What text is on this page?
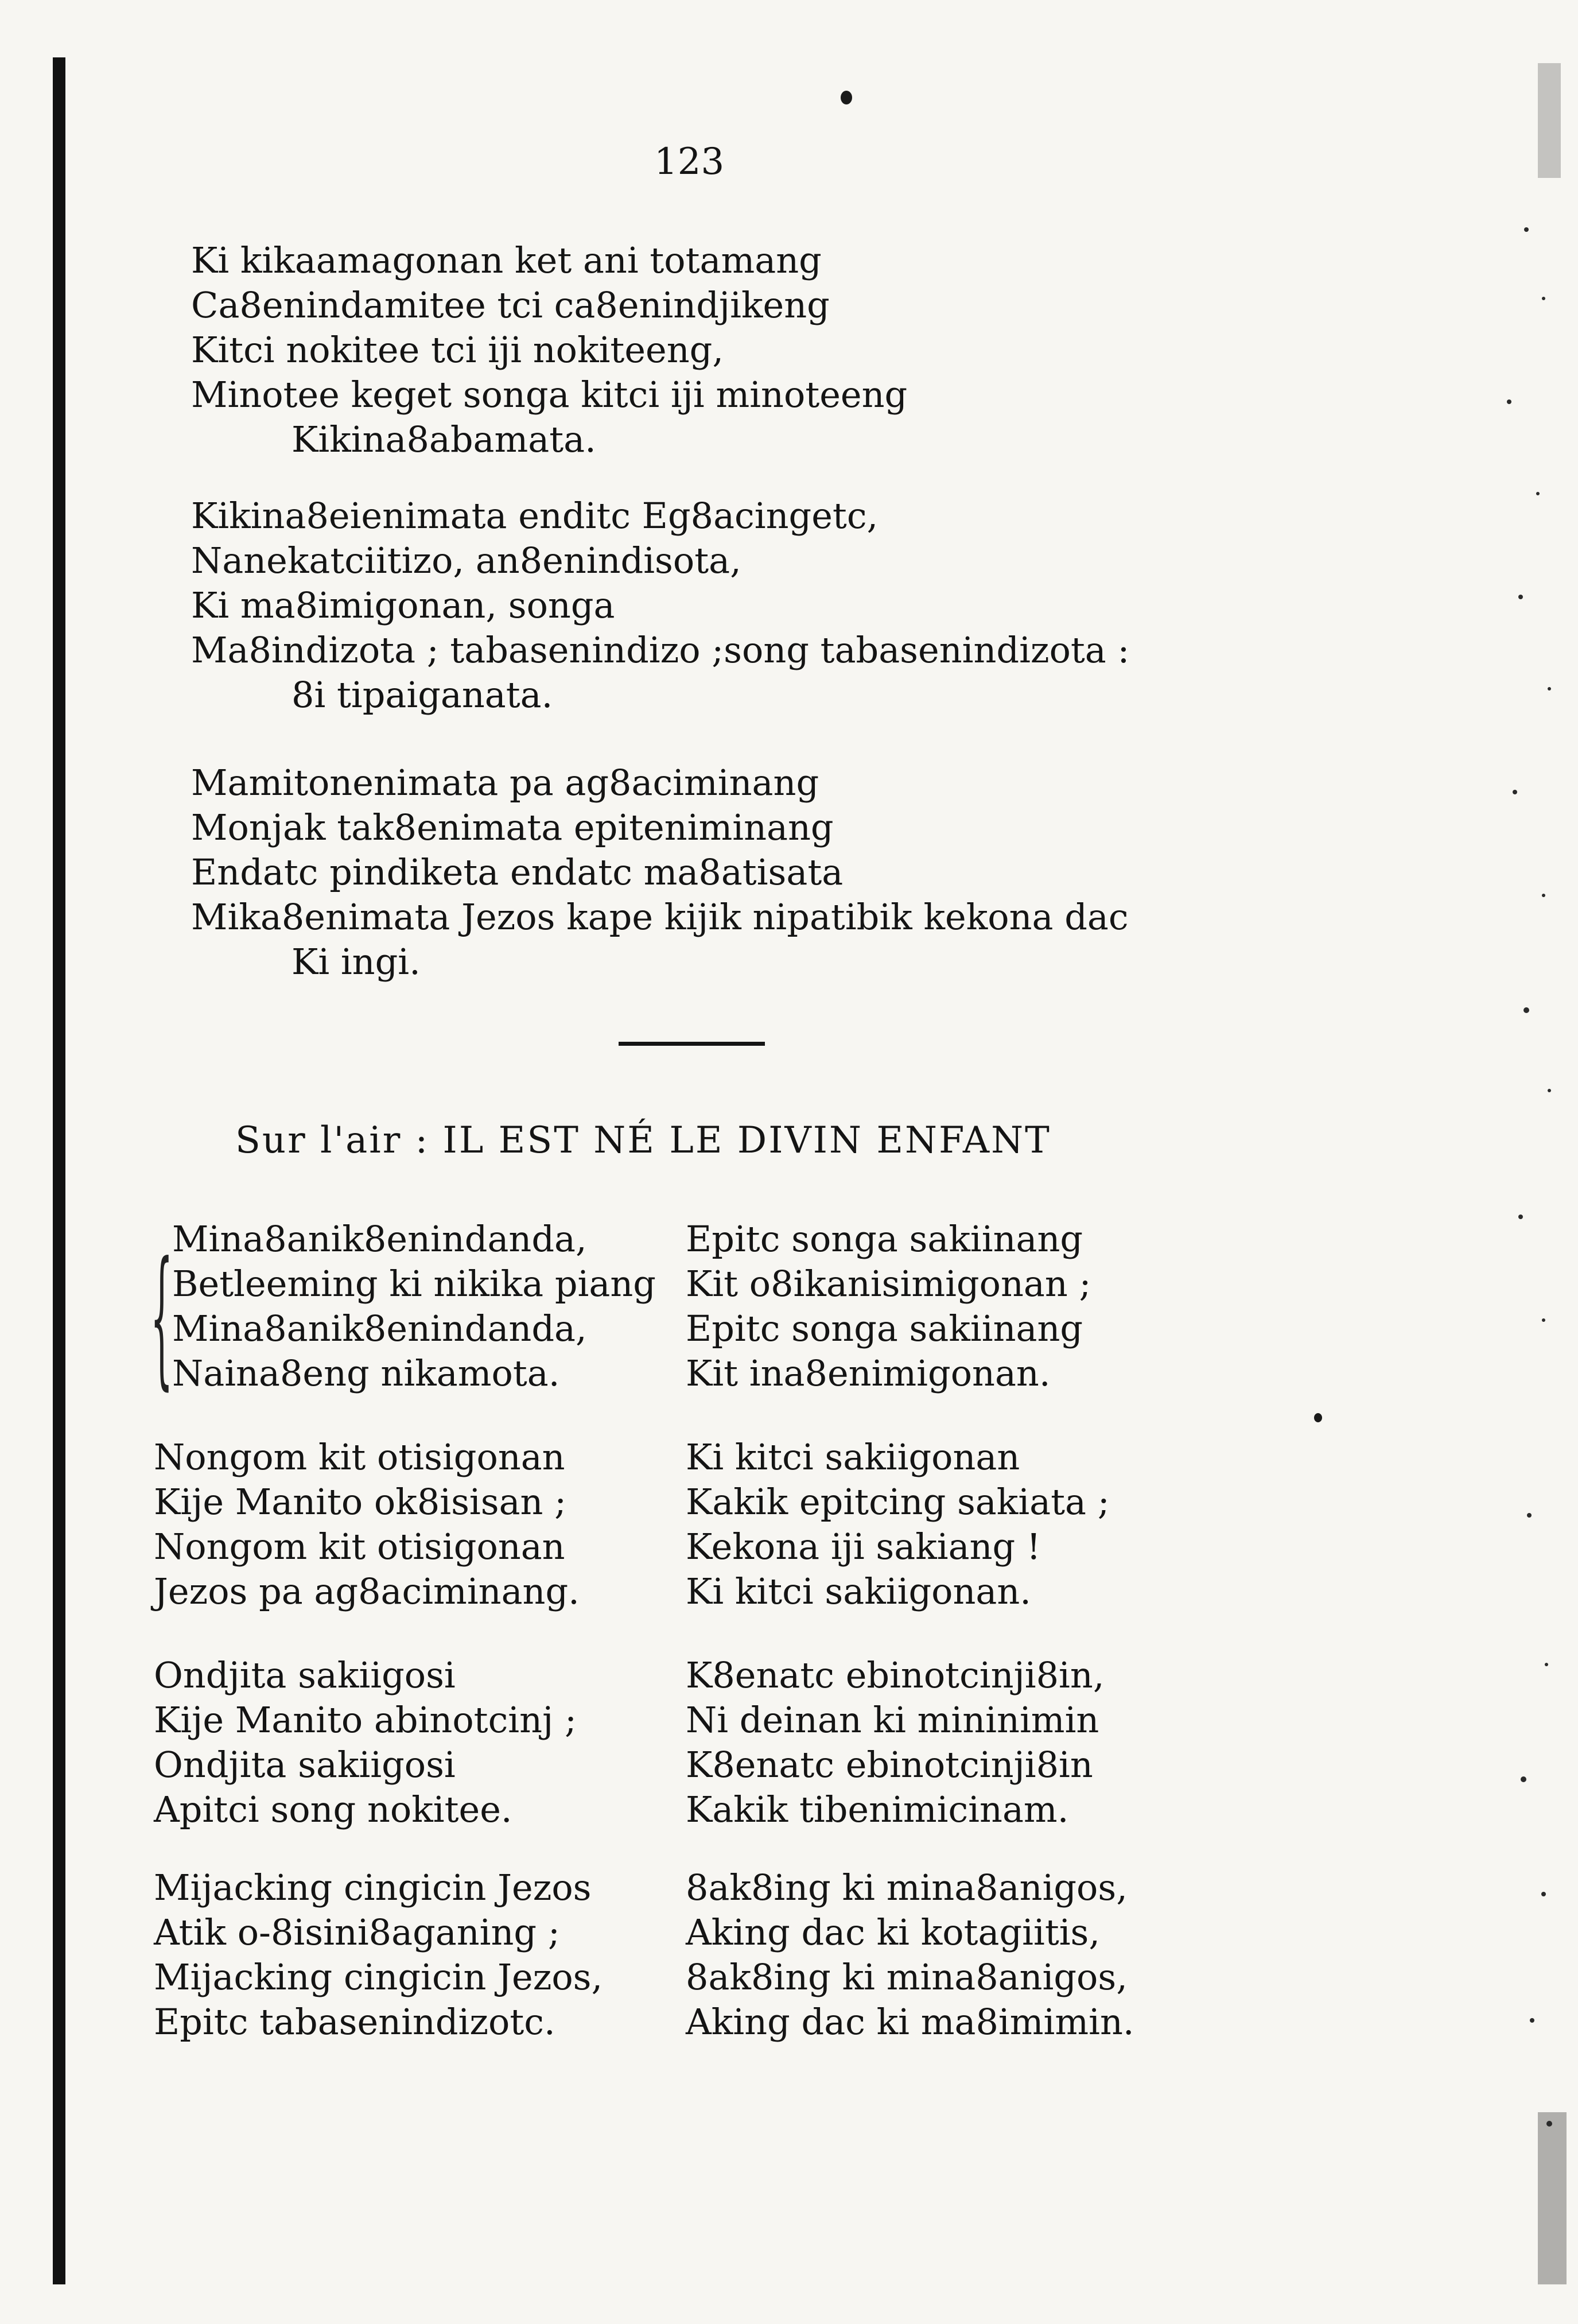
123
Ki kikaamagonan ket ani totamang
Ca8enindamitee tci ca8enindjikeng
Kitci nokitee tci iji nokiteeng,
Minotee keget songa kitci iji minoteeng
Kikina8abamata.
Kikina8eienimata enditc Eg8acingetc,
Nanekatciitizo, an8enindisota,
Ki ma8imigonan, songa
Ma8indizota ; tabasenindizo ;song tabasenindizota :
8i tipaiganata.
Mamitonenimata pa ag8aciminang
Monjak tak8enimata epiteniminang
Endatc pindiketa endatc ma8atisata
Mika8enimata Jezos kape kijik nipatibik kekona dac
Ki ingi.
Sur l'air : IL EST NÉ LE DIVIN ENFANT
{
Mina8anik8enindanda,
Betleeming ki nikika piang
Mina8anik8enindanda,
Naina8eng nikamota.
Epitc songa sakiinang
Kit o8ikanisimigonan ;
Epitc songa sakiinang
Kit ina8enimigonan.
Nongom kit otisigonan
Kije Manito ok8isisan ;
Nongom kit otisigonan
Jezos pa ag8aciminang.
Ki kitci sakiigonan
Kakik epitcing sakiata ;
Kekona iji sakiang !
Ki kitci sakiigonan.
Ondjita sakiigosi
Kije Manito abinotcinj ;
Ondjita sakiigosi
Apitci song nokitee.
K8enatc ebinotcinji8in,
Ni deinan ki mininimin
K8enatc ebinotcinji8in
Kakik tibenimicinam.
Mijacking cingicin Jezos
Atik o-8isini8aganing ;
Mijacking cingicin Jezos,
Epitc tabasenindizotc.
8ak8ing ki mina8anigos,
Aking dac ki kotagiitis,
8ak8ing ki mina8anigos,
Aking dac ki ma8imimin.
